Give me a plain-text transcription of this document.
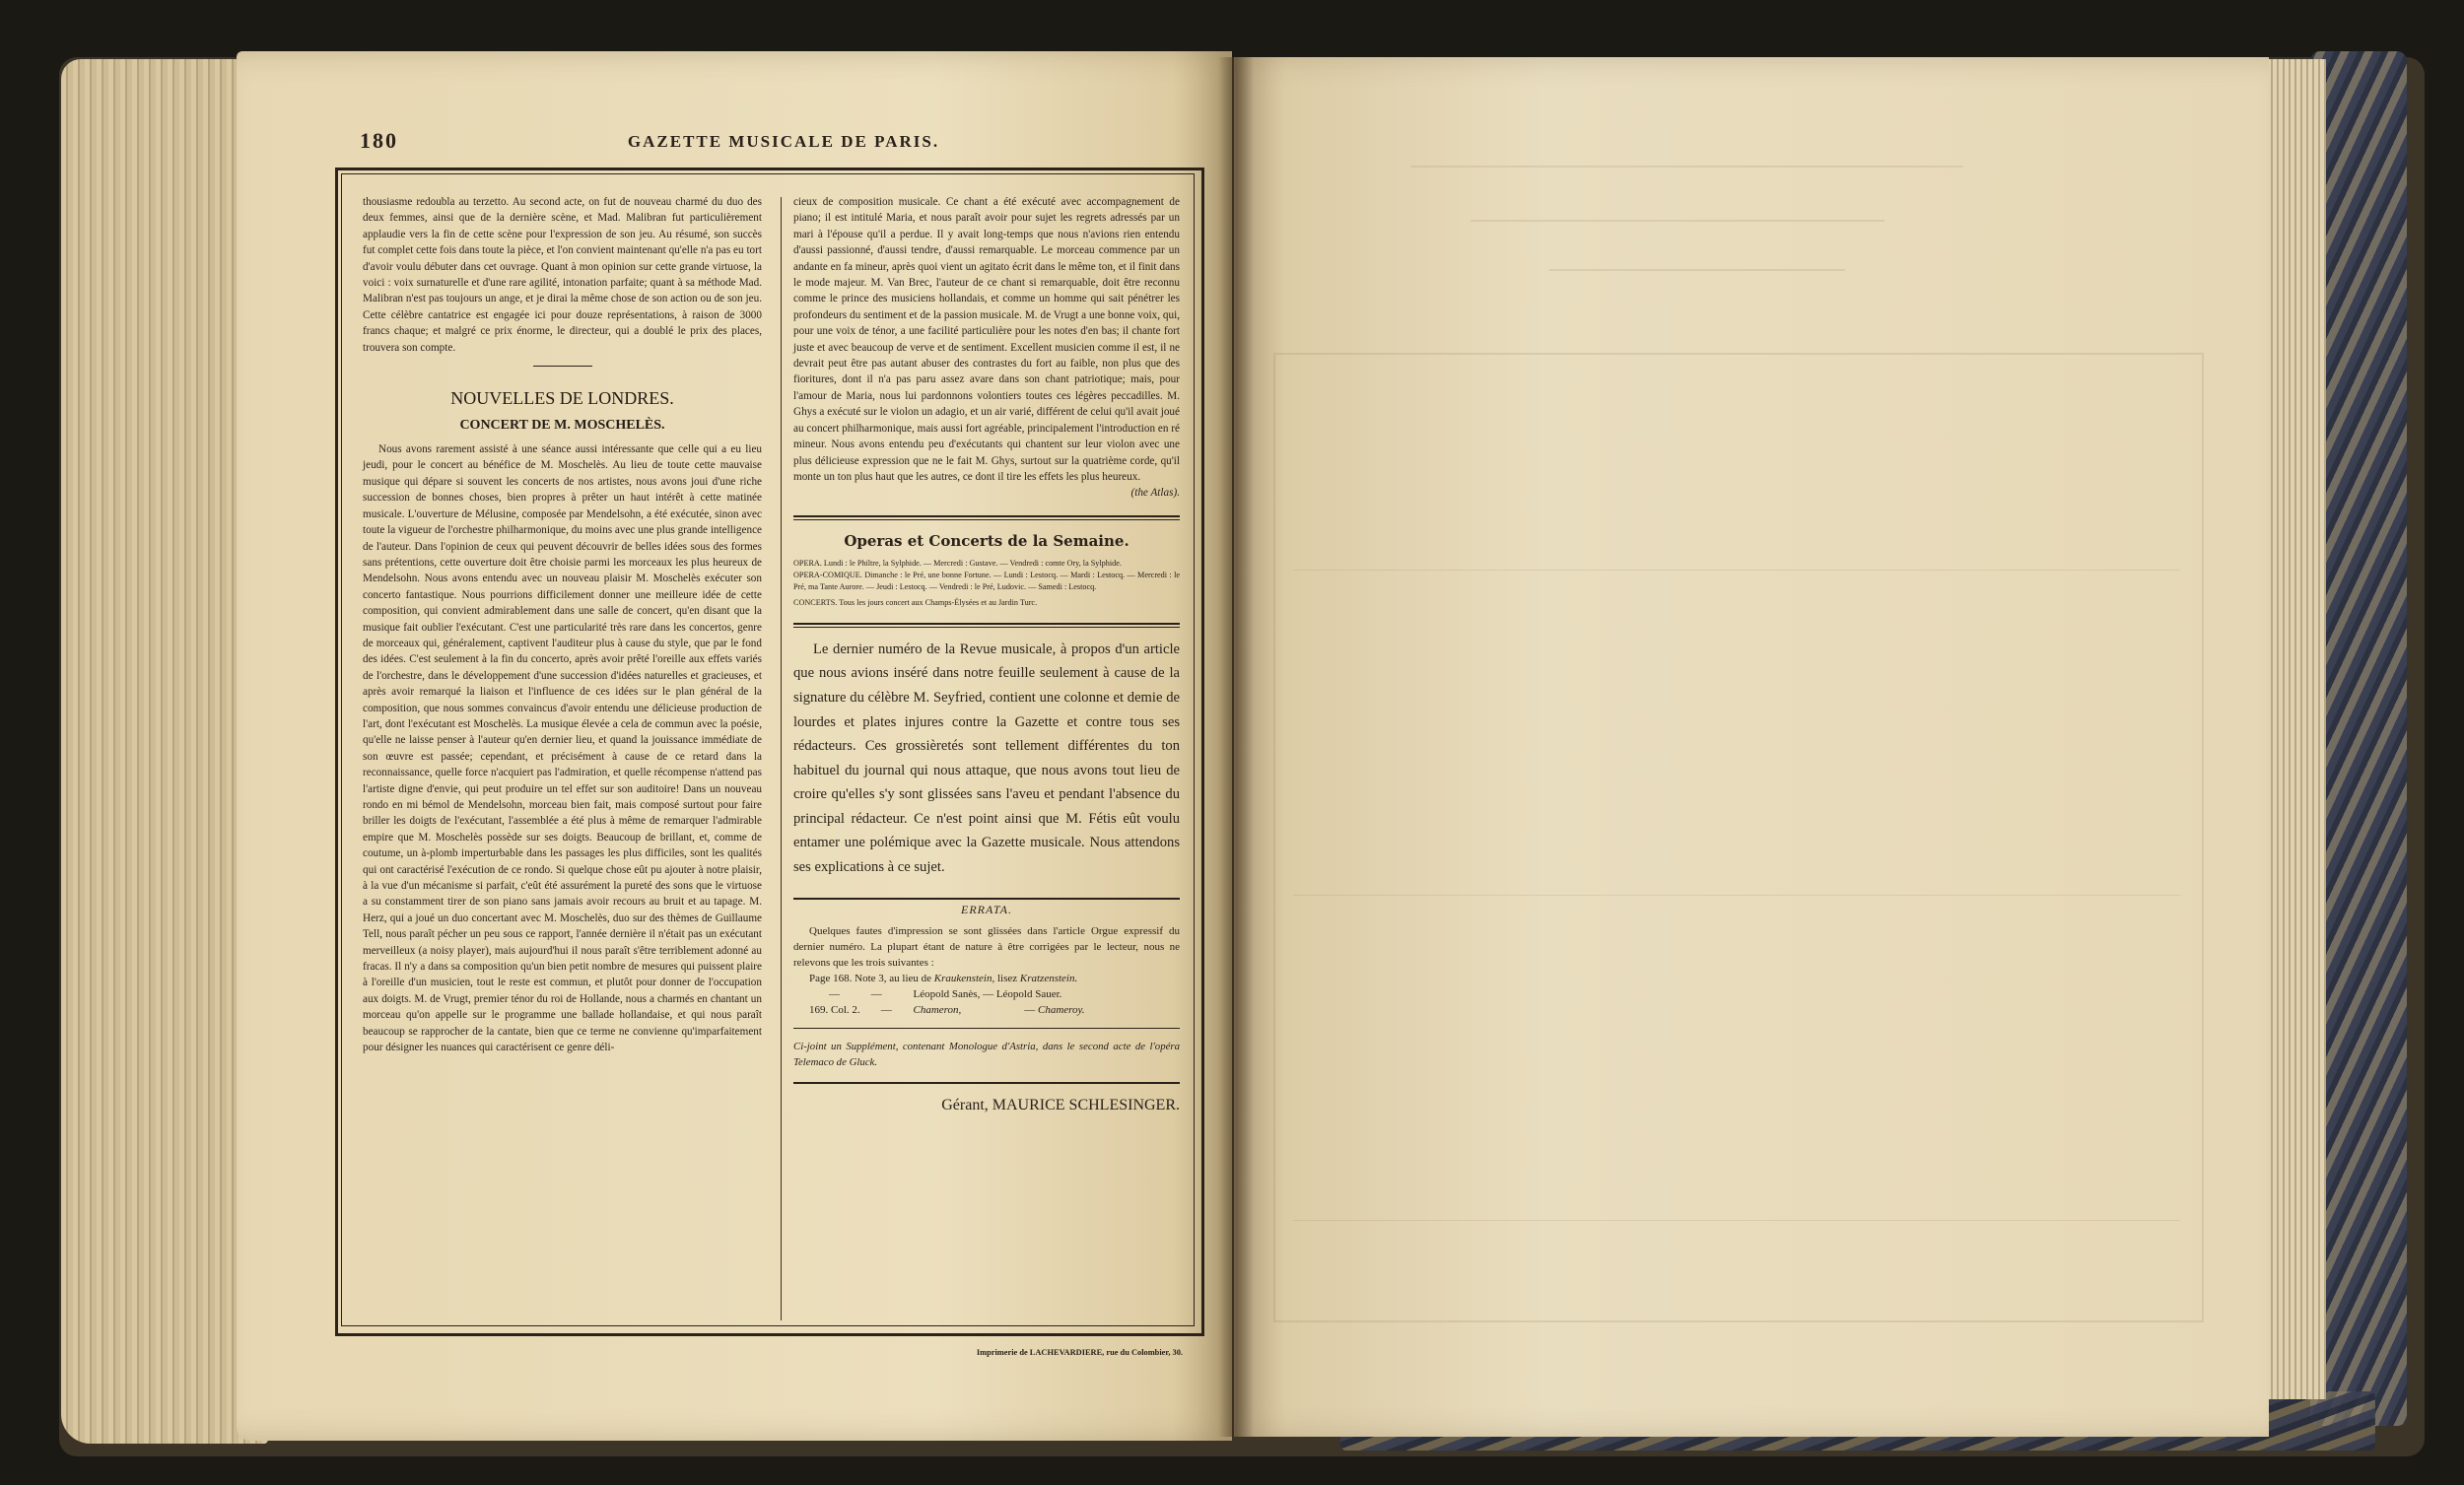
180	GAZETTE MUSICALE DE PARIS.

thousiasme redoubla au terzetto. Au second acte, on fut de nouveau charmé du duo des deux femmes, ainsi que de la dernière scène, et Mad. Malibran fut particulièrement applaudie vers la fin de cette scène pour l'expression de son jeu. Au résumé, son succès fut complet cette fois dans toute la pièce, et l'on convient maintenant qu'elle n'a pas eu tort d'avoir voulu débuter dans cet ouvrage. Quant à mon opinion sur cette grande virtuose, la voici : voix surnaturelle et d'une rare agilité, intonation parfaite; quant à sa méthode Mad. Malibran n'est pas toujours un ange, et je dirai la même chose de son action ou de son jeu. Cette célèbre cantatrice est engagée ici pour douze représentations, à raison de 3000 francs chaque; et malgré ce prix énorme, le directeur, qui a doublé le prix des places, trouvera son compte.

NOUVELLES DE LONDRES.
CONCERT DE M. MOSCHELÈS.

Nous avons rarement assisté à une séance aussi intéressante que celle qui a eu lieu jeudi, pour le concert au bénéfice de M. Moschelès. Au lieu de toute cette mauvaise musique qui dépare si souvent les concerts de nos artistes, nous avons joui d'une riche succession de bonnes choses, bien propres à prêter un haut intérêt à cette matinée musicale. L'ouverture de Mélusine, composée par Mendelsohn, a été exécutée, sinon avec toute la vigueur de l'orchestre philharmonique, du moins avec une plus grande intelligence de l'auteur. Dans l'opinion de ceux qui peuvent découvrir de belles idées sous des formes sans prétentions, cette ouverture doit être choisie parmi les morceaux les plus heureux de Mendelsohn. Nous avons entendu avec un nouveau plaisir M. Moschelès exécuter son concerto fantastique. Nous pourrions difficilement donner une meilleure idée de cette composition, qui convient admirablement dans une salle de concert, qu'en disant que la musique fait oublier l'exécutant. C'est une particularité très rare dans les concertos, genre de morceaux qui, généralement, captivent l'auditeur plus à cause du style, que par le fond des idées. C'est seulement à la fin du concerto, après avoir prêté l'oreille aux effets variés de l'orchestre, dans le développement d'une succession d'idées naturelles et gracieuses, et après avoir remarqué la liaison et l'influence de ces idées sur le plan général de la composition, que nous sommes convaincus d'avoir entendu une délicieuse production de l'art, dont l'exécutant est Moschelès. La musique élevée a cela de commun avec la poésie, qu'elle ne laisse penser à l'auteur qu'en dernier lieu, et quand la jouissance immédiate de son œuvre est passée; cependant, et précisément à cause de ce retard dans la reconnaissance, quelle force n'acquiert pas l'admiration, et quelle récompense n'attend pas l'artiste digne d'envie, qui peut produire un tel effet sur son auditoire! Dans un nouveau rondo en mi bémol de Mendelsohn, morceau bien fait, mais composé surtout pour faire briller les doigts de l'exécutant, l'assemblée a été plus à même de remarquer l'admirable empire que M. Moschelès possède sur ses doigts. Beaucoup de brillant, et, comme de coutume, un à-plomb imperturbable dans les passages les plus difficiles, sont les qualités qui ont caractérisé l'exécution de ce rondo. Si quelque chose eût pu ajouter à notre plaisir, à la vue d'un mécanisme si parfait, c'eût été assurément la pureté des sons que le virtuose a su constamment tirer de son piano sans jamais avoir recours au bruit et au tapage. M. Herz, qui a joué un duo concertant avec M. Moschelès, duo sur des thèmes de Guillaume Tell, nous paraît pécher un peu sous ce rapport, l'année dernière il n'était pas un exécutant merveilleux (a noisy player), mais aujourd'hui il nous paraît s'être terriblement adonné au fracas. Il n'y a dans sa composition qu'un bien petit nombre de mesures qui puissent plaire à l'oreille d'un musicien, tout le reste est commun, et plutôt pour donner de l'occupation aux doigts. M. de Vrugt, premier ténor du roi de Hollande, nous a charmés en chantant un morceau qu'on appelle sur le programme une ballade hollandaise, et qui nous paraît beaucoup se rapprocher de la cantate, bien que ce terme ne convienne qu'imparfaitement pour désigner les nuances qui caractérisent ce genre déli-

cieux de composition musicale. Ce chant a été exécuté avec accompagnement de piano; il est intitulé Maria, et nous paraît avoir pour sujet les regrets adressés par un mari à l'épouse qu'il a perdue. Il y avait long-temps que nous n'avions rien entendu d'aussi passionné, d'aussi tendre, d'aussi remarquable. Le morceau commence par un andante en fa mineur, après quoi vient un agitato écrit dans le même ton, et il finit dans le mode majeur. M. Van Brec, l'auteur de ce chant si remarquable, doit être reconnu comme le prince des musiciens hollandais, et comme un homme qui sait pénétrer les profondeurs du sentiment et de la passion musicale. M. de Vrugt a une bonne voix, qui, pour une voix de ténor, a une facilité particulière pour les notes d'en bas; il chante fort juste et avec beaucoup de verve et de sentiment. Excellent musicien comme il est, il ne devrait peut être pas autant abuser des contrastes du fort au faible, non plus que des fioritures, dont il n'a pas paru assez avare dans son chant patriotique; mais, pour l'amour de Maria, nous lui pardonnons volontiers toutes ces légères peccadilles. M. Ghys a exécuté sur le violon un adagio, et un air varié, différent de celui qu'il avait joué au concert philharmonique, mais aussi fort agréable, principalement l'introduction en ré mineur. Nous avons entendu peu d'exécutants qui chantent sur leur violon avec une plus délicieuse expression que ne le fait M. Ghys, surtout sur la quatrième corde, qu'il monte un ton plus haut que les autres, ce dont il tire les effets les plus heureux.

(the Atlas).

Operas et Concerts de la Semaine.

OPERA. Lundi : le Philtre, la Sylphide. — Mercredi : Gustave. — Vendredi : comte Ory, la Sylphide.

OPERA-COMIQUE. Dimanche : le Pré, une bonne Fortune. — Lundi : Lestocq. — Mardi : Lestocq. — Mercredi : le Pré, ma Tante Aurore. — Jeudi : Lestocq. — Vendredi : le Pré, Ludovic. — Samedi : Lestocq.

CONCERTS. Tous les jours concert aux Champs-Élysées et au Jardin Turc.

Le dernier numéro de la Revue musicale, à propos d'un article que nous avions inséré dans notre feuille seulement à cause de la signature du célèbre M. Seyfried, contient une colonne et demie de lourdes et plates injures contre la Gazette et contre tous ses rédacteurs. Ces grossièretés sont tellement différentes du ton habituel du journal qui nous attaque, que nous avons tout lieu de croire qu'elles s'y sont glissées sans l'aveu et pendant l'absence du principal rédacteur. Ce n'est point ainsi que M. Fétis eût voulu entamer une polémique avec la Gazette musicale. Nous attendons ses explications à ce sujet.

ERRATA.

Quelques fautes d'impression se sont glissées dans l'article Orgue expressif du dernier numéro. La plupart étant de nature à être corrigées par le lecteur, nous ne relevons que les trois suivantes :

Page 168. Note 3, au lieu de Kraukenstein, lisez Kratzenstein.
—	—	Léopold Sanès, — Léopold Sauer.
169. Col. 2. — Chameron,	— Chameroy.

Ci-joint un Supplément, contenant Monologue d'Astria, dans le second acte de l'opéra Telemaco de Gluck.

Gérant, MAURICE SCHLESINGER.
Imprimerie de LACHEVARDIERE, rue du Colombier, 30.
